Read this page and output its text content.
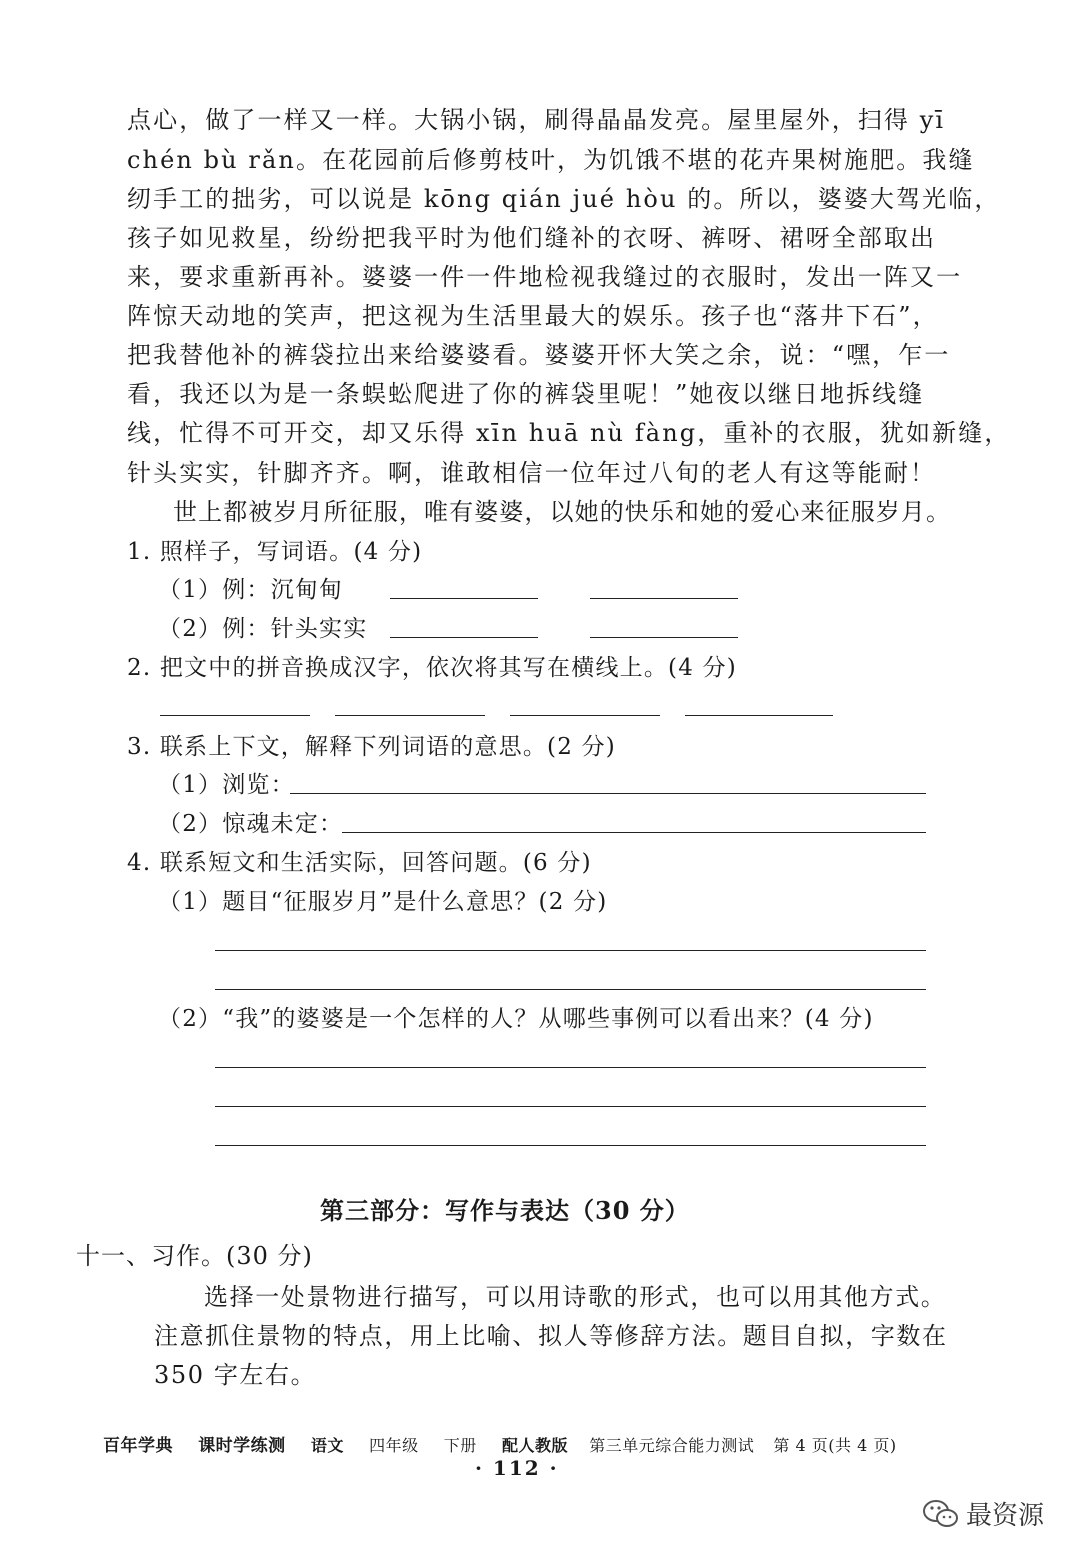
点心，做了一样又一样。大锅小锅，刷得晶晶发亮。屋里屋外，扫得 yī
chén bù rǎn。在花园前后修剪枝叶，为饥饿不堪的花卉果树施肥。我缝
纫手工的拙劣，可以说是 kōng qián jué hòu 的。所以，婆婆大驾光临，
孩子如见救星，纷纷把我平时为他们缝补的衣呀、裤呀、裙呀全部取出
来，要求重新再补。婆婆一件一件地检视我缝过的衣服时，发出一阵又一
阵惊天动地的笑声，把这视为生活里最大的娱乐。孩子也“落井下石”，
把我替他补的裤袋拉出来给婆婆看。婆婆开怀大笑之余，说：“嘿，乍一
看，我还以为是一条蜈蚣爬进了你的裤袋里呢！”她夜以继日地拆线缝
线，忙得不可开交，却又乐得 xīn huā nù fàng，重补的衣服，犹如新缝，
针头实实，针脚齐齐。啊，谁敢相信一位年过八旬的老人有这等能耐！
世上都被岁月所征服，唯有婆婆，以她的快乐和她的爱心来征服岁月。
1. 照样子，写词语。(4 分)
（1）例：沉甸甸
（2）例：针头实实
2. 把文中的拼音换成汉字，依次将其写在横线上。(4 分)
3. 联系上下文，解释下列词语的意思。(2 分)
（1）浏览：
（2）惊魂未定：
4. 联系短文和生活实际，回答问题。(6 分)
（1）题目“征服岁月”是什么意思？(2 分)
（2）“我”的婆婆是一个怎样的人？从哪些事例可以看出来？(4 分)
第三部分：写作与表达（30 分）
十一、习作。(30 分)
选择一处景物进行描写，可以用诗歌的形式，也可以用其他方式。
注意抓住景物的特点，用上比喻、拟人等修辞方法。题目自拟，字数在
350 字左右。
百年学典 课时学练测 语文 四年级 下册 配人教版 第三单元综合能力测试 第 4 页(共 4 页)
· 112 ·
最资源
